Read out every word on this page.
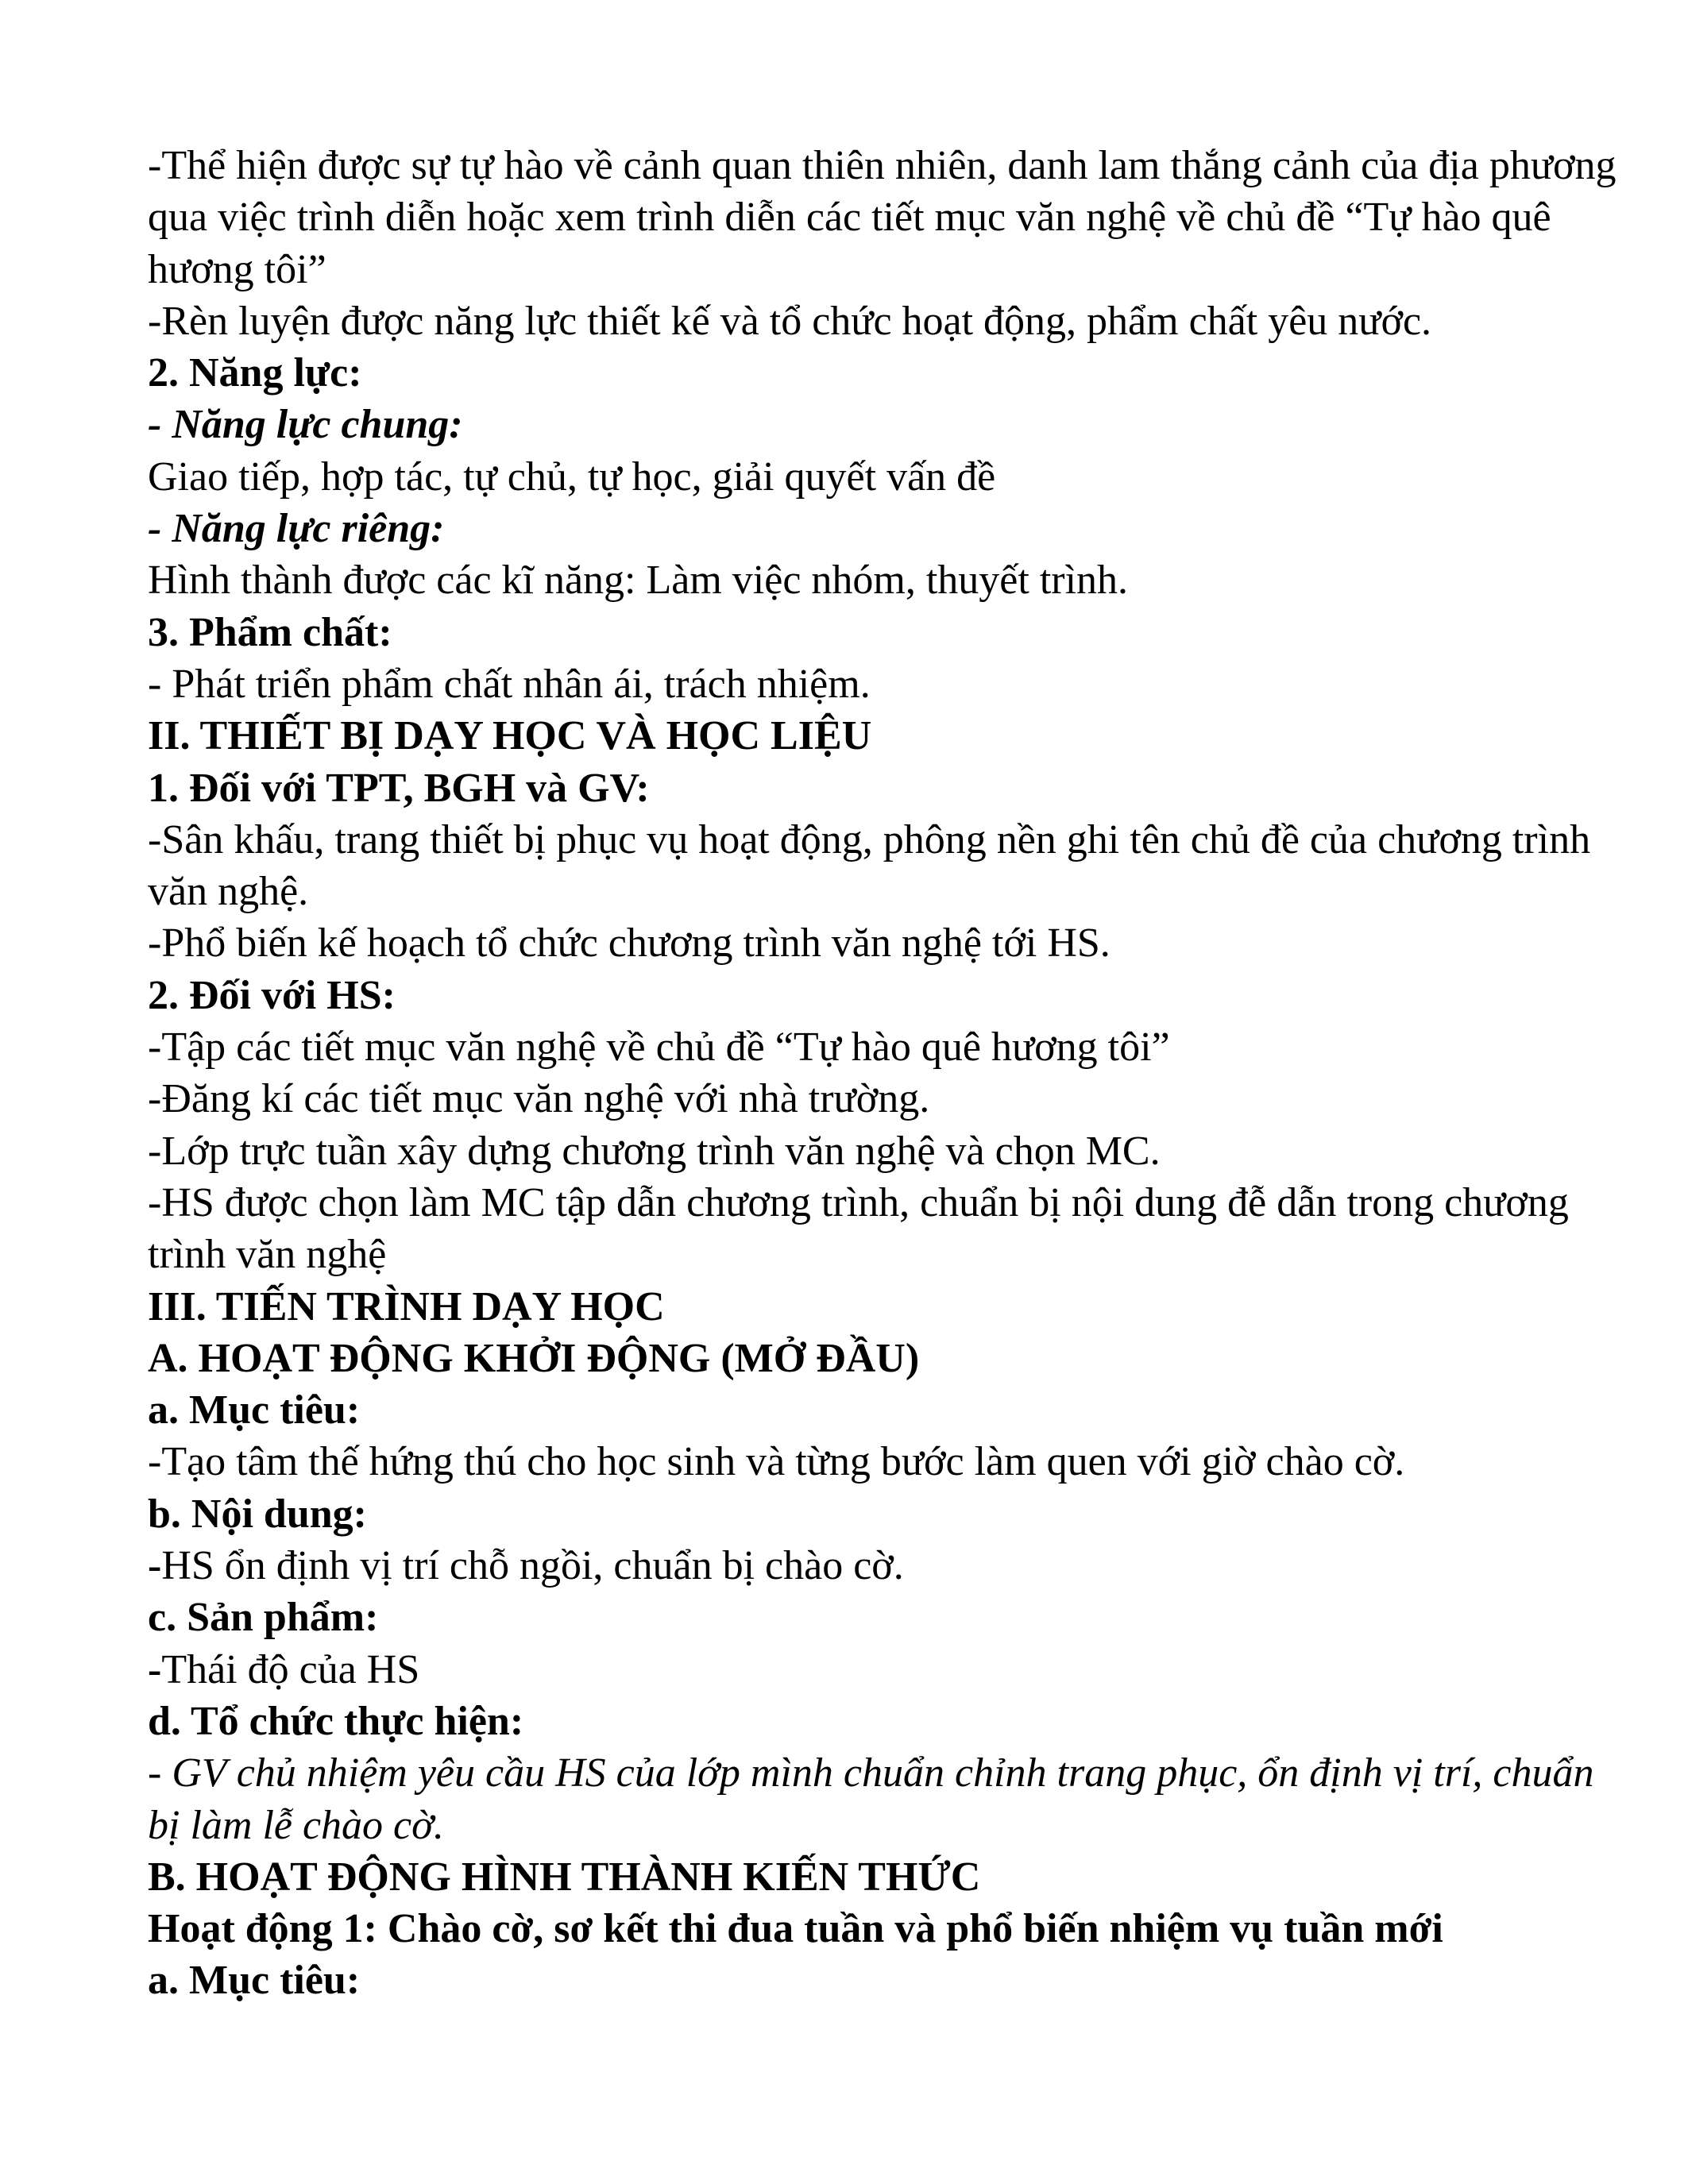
-Thể hiện được sự tự hào về cảnh quan thiên nhiên, danh lam thắng cảnh của địa phương

qua việc trình diễn hoặc xem trình diễn các tiết mục văn nghệ về chủ đề “Tự hào quê

hương tôi”

-Rèn luyện được năng lực thiết kế và tổ chức hoạt động, phẩm chất yêu nước.

2. Năng lực:

- Năng lực chung:

Giao tiếp, hợp tác, tự chủ, tự học, giải quyết vấn đề

- Năng lực riêng:

Hình thành được các kĩ năng: Làm việc nhóm, thuyết trình.

3. Phẩm chất:

- Phát triển phẩm chất nhân ái, trách nhiệm.

II. THIẾT BỊ DẠY HỌC VÀ HỌC LIỆU

1. Đối với TPT, BGH và GV:

-Sân khấu, trang thiết bị phục vụ hoạt động, phông nền ghi tên chủ đề của chương trình

văn nghệ.

-Phổ biến kế hoạch tổ chức chương trình văn nghệ tới HS.

2. Đối với HS:

-Tập các tiết mục văn nghệ về chủ đề “Tự hào quê hương tôi”

-Đăng kí các tiết mục văn nghệ với nhà trường.

-Lớp trực tuần xây dựng chương trình văn nghệ và chọn MC.

-HS được chọn làm MC tập dẫn chương trình, chuẩn bị nội dung đễ dẫn trong chương

trình văn nghệ

III. TIẾN TRÌNH DẠY HỌC

A. HOẠT ĐỘNG KHỞI ĐỘNG (MỞ ĐẦU)

a. Mục tiêu:

-Tạo tâm thế hứng thú cho học sinh và từng bước làm quen với giờ chào cờ.

b. Nội dung:

-HS ổn định vị trí chỗ ngồi, chuẩn bị chào cờ.

c. Sản phẩm:

-Thái độ của HS

d. Tổ chức thực hiện:

- GV chủ nhiệm yêu cầu HS của lớp mình chuẩn chỉnh trang phục, ổn định vị trí, chuẩn

bị làm lễ chào cờ.

B. HOẠT ĐỘNG HÌNH THÀNH KIẾN THỨC

Hoạt động 1: Chào cờ, sơ kết thi đua tuần và phổ biến nhiệm vụ tuần mới

a. Mục tiêu:
